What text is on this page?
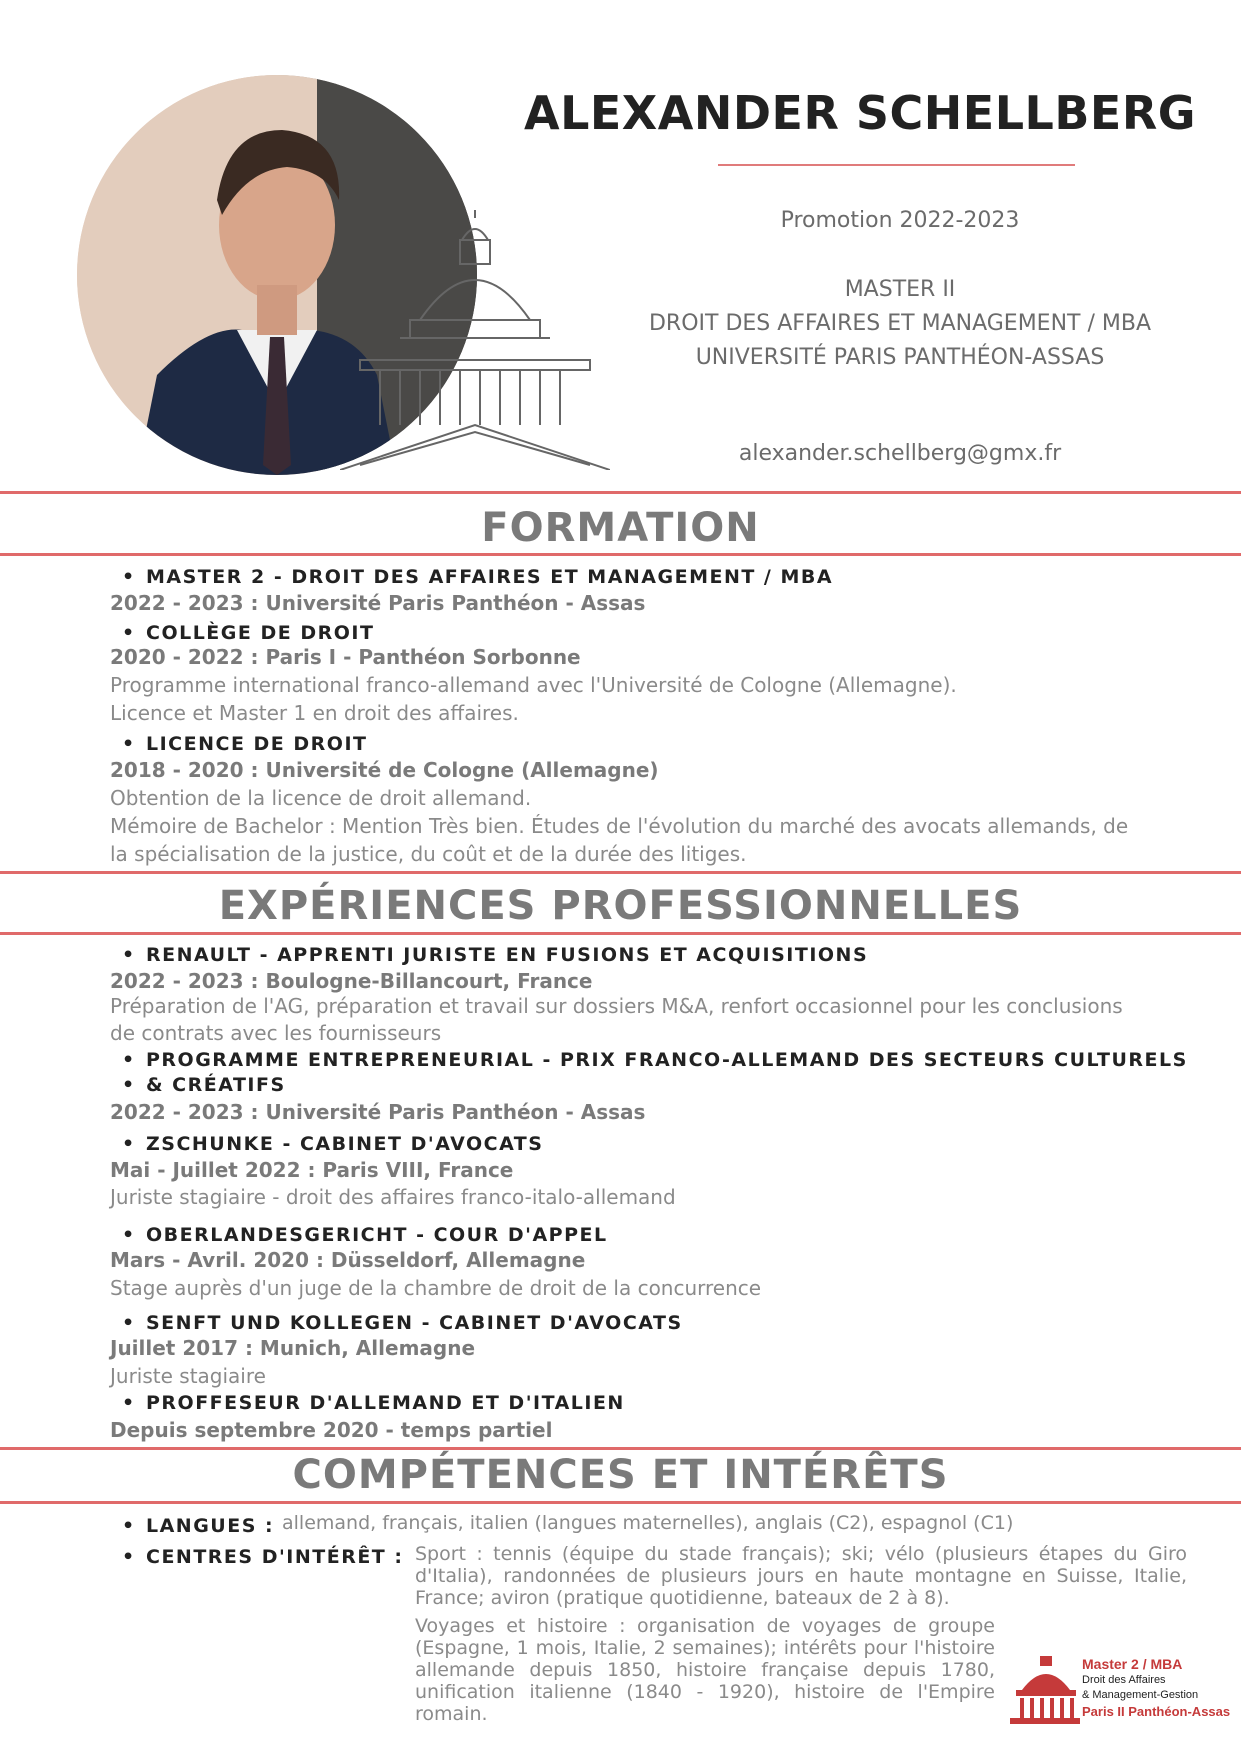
ALEXANDER SCHELLBERG
Promotion 2022-2023
MASTER II
DROIT DES AFFAIRES ET MANAGEMENT / MBA
UNIVERSITÉ PARIS PANTHÉON-ASSAS
alexander.schellberg@gmx.fr
FORMATION
• MASTER 2 - DROIT DES AFFAIRES ET MANAGEMENT / MBA
2022 - 2023 : Université Paris Panthéon - Assas
• COLLÈGE DE DROIT
2020 - 2022 : Paris I - Panthéon Sorbonne
Programme international franco-allemand avec l'Université de Cologne (Allemagne).
Licence et Master 1 en droit des affaires.
• LICENCE DE DROIT
2018 - 2020 : Université de Cologne (Allemagne)
Obtention de la licence de droit allemand.
Mémoire de Bachelor : Mention Très bien. Études de l'évolution du marché des avocats allemands, de
la spécialisation de la justice, du coût et de la durée des litiges.
EXPÉRIENCES PROFESSIONNELLES
• RENAULT - APPRENTI JURISTE EN FUSIONS ET ACQUISITIONS
2022 - 2023 : Boulogne-Billancourt, France
Préparation de l'AG, préparation et travail sur dossiers M&A, renfort occasionnel pour les conclusions
de contrats avec les fournisseurs
• PROGRAMME ENTREPRENEURIAL - PRIX FRANCO-ALLEMAND DES SECTEURS CULTURELS
• & CRÉATIFS
2022 - 2023 : Université Paris Panthéon - Assas
• ZSCHUNKE - CABINET D'AVOCATS
Mai - Juillet 2022 : Paris VIII, France
Juriste stagiaire - droit des affaires franco-italo-allemand
• OBERLANDESGERICHT - COUR D'APPEL
Mars - Avril. 2020 : Düsseldorf, Allemagne
Stage auprès d'un juge de la chambre de droit de la concurrence
• SENFT UND KOLLEGEN - CABINET D'AVOCATS
Juillet 2017 : Munich, Allemagne
Juriste stagiaire
• PROFFESEUR D'ALLEMAND ET D'ITALIEN
Depuis septembre 2020 - temps partiel
COMPÉTENCES ET INTÉRÊTS
• LANGUES : allemand, français, italien (langues maternelles), anglais (C2), espagnol (C1)
• CENTRES D'INTÉRÊT : Sport : tennis (équipe du stade français); ski; vélo (plusieurs étapes du Giro d'Italia), randonnées de plusieurs jours en haute montagne en Suisse, Italie, France; aviron (pratique quotidienne, bateaux de 2 à 8).
Voyages et histoire : organisation de voyages de groupe (Espagne, 1 mois, Italie, 2 semaines); intérêts pour l'histoire allemande depuis 1850, histoire française depuis 1780, unification italienne (1840 - 1920), histoire de l'Empire romain.
Master 2 / MBA
Droit des Affaires
& Management-Gestion
Paris II Panthéon-Assas
